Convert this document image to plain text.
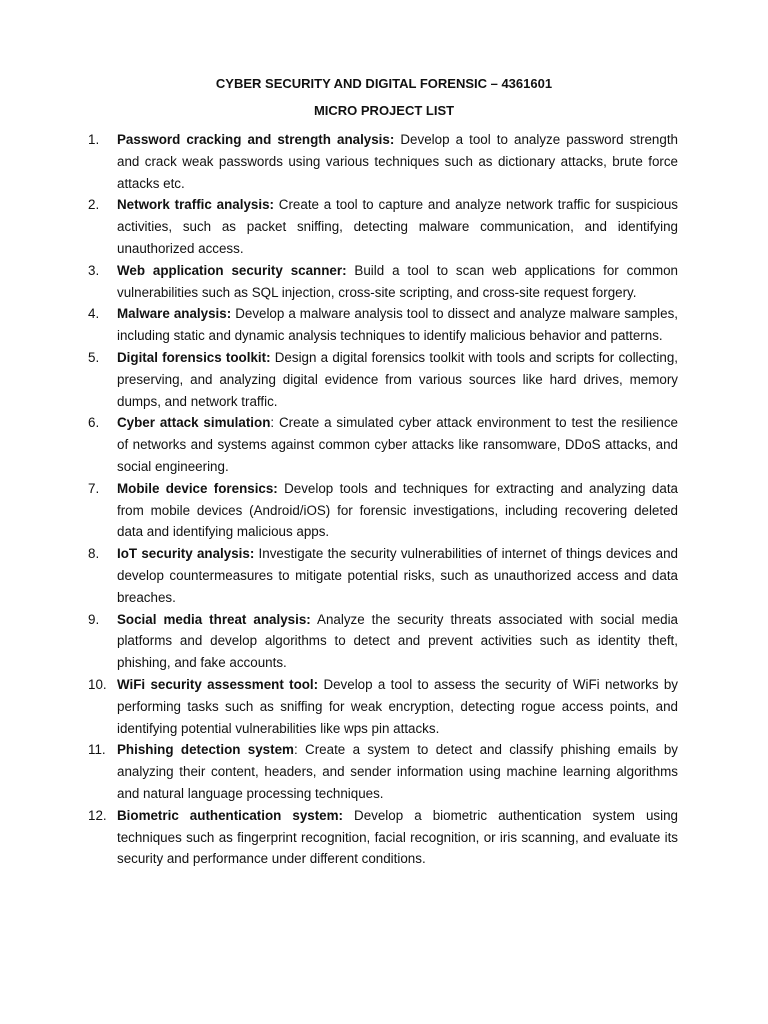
CYBER SECURITY AND DIGITAL FORENSIC – 4361601
MICRO PROJECT LIST
1.	Password cracking and strength analysis: Develop a tool to analyze password strength and crack weak passwords using various techniques such as dictionary attacks, brute force attacks etc.
2.	Network traffic analysis: Create a tool to capture and analyze network traffic for suspicious activities, such as packet sniffing, detecting malware communication, and identifying unauthorized access.
3.	Web application security scanner: Build a tool to scan web applications for common vulnerabilities such as SQL injection, cross-site scripting, and cross-site request forgery.
4.	Malware analysis: Develop a malware analysis tool to dissect and analyze malware samples, including static and dynamic analysis techniques to identify malicious behavior and patterns.
5.	Digital forensics toolkit: Design a digital forensics toolkit with tools and scripts for collecting, preserving, and analyzing digital evidence from various sources like hard drives, memory dumps, and network traffic.
6.	Cyber attack simulation: Create a simulated cyber attack environment to test the resilience of networks and systems against common cyber attacks like ransomware, DDoS attacks, and social engineering.
7.	Mobile device forensics: Develop tools and techniques for extracting and analyzing data from mobile devices (Android/iOS) for forensic investigations, including recovering deleted data and identifying malicious apps.
8.	IoT security analysis: Investigate the security vulnerabilities of internet of things devices and develop countermeasures to mitigate potential risks, such as unauthorized access and data breaches.
9.	Social media threat analysis: Analyze the security threats associated with social media platforms and develop algorithms to detect and prevent activities such as identity theft, phishing, and fake accounts.
10. WiFi security assessment tool: Develop a tool to assess the security of WiFi networks by performing tasks such as sniffing for weak encryption, detecting rogue access points, and identifying potential vulnerabilities like wps pin attacks.
11. Phishing detection system: Create a system to detect and classify phishing emails by analyzing their content, headers, and sender information using machine learning algorithms and natural language processing techniques.
12. Biometric authentication system: Develop a biometric authentication system using techniques such as fingerprint recognition, facial recognition, or iris scanning, and evaluate its security and performance under different conditions.
